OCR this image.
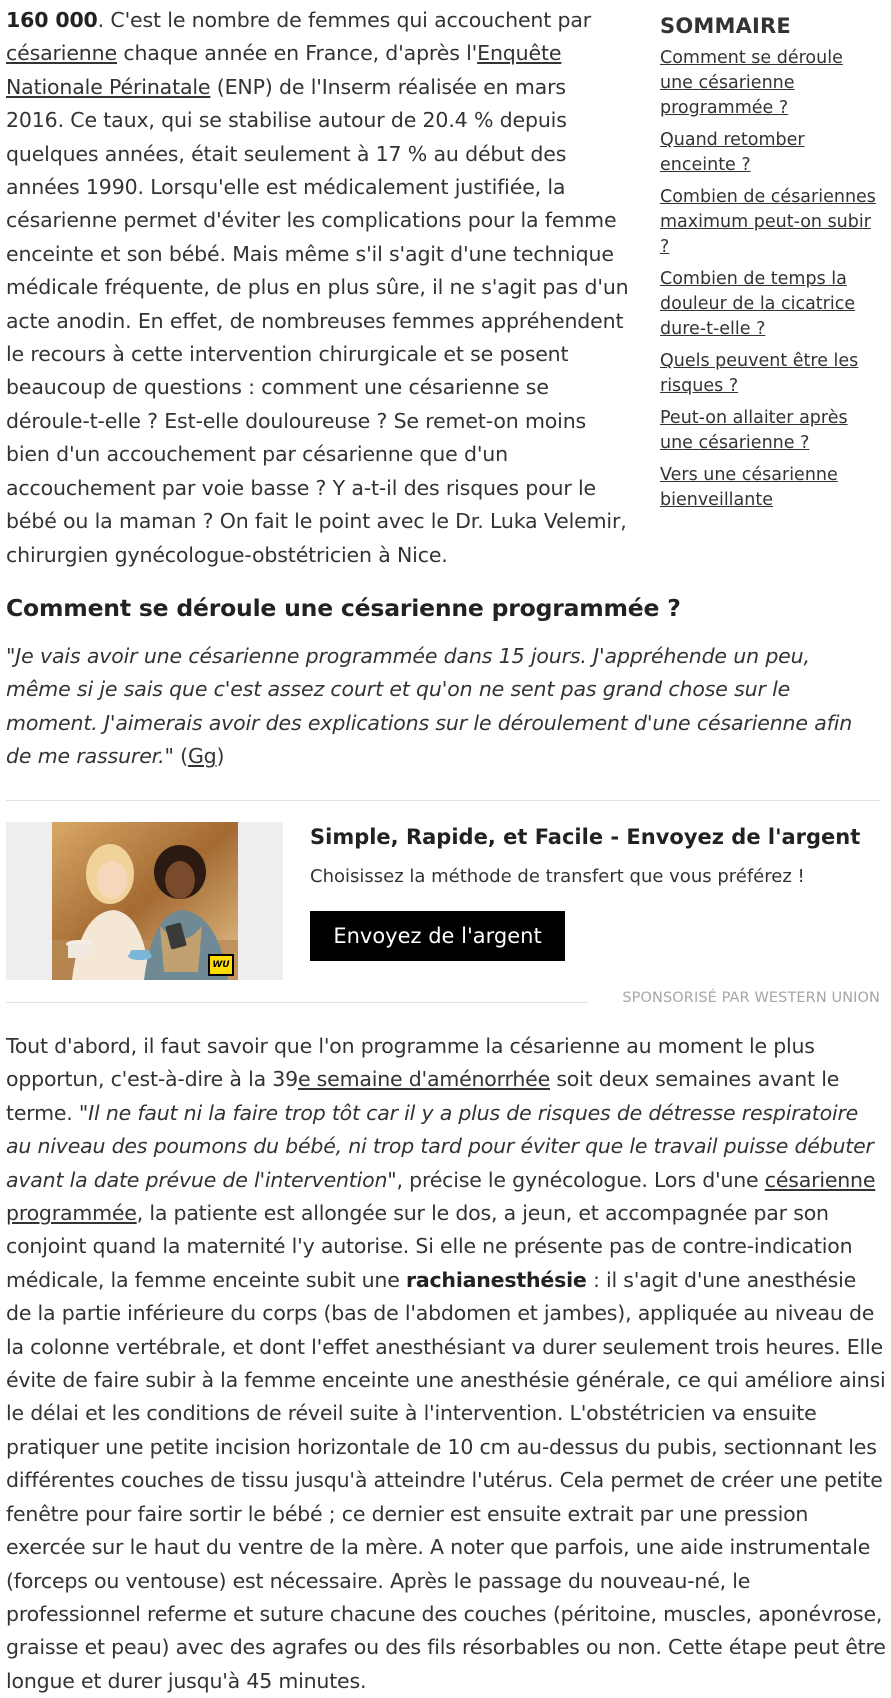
160 000. C'est le nombre de femmes qui accouchent par césarienne chaque année en France, d'après l'Enquête Nationale Périnatale (ENP) de l'Inserm réalisée en mars 2016. Ce taux, qui se stabilise autour de 20.4 % depuis quelques années, était seulement à 17 % au début des années 1990. Lorsqu'elle est médicalement justifiée, la césarienne permet d'éviter les complications pour la femme enceinte et son bébé. Mais même s'il s'agit d'une technique médicale fréquente, de plus en plus sûre, il ne s'agit pas d'un acte anodin. En effet, de nombreuses femmes appréhendent le recours à cette intervention chirurgicale et se posent beaucoup de questions : comment une césarienne se déroule-t-elle ? Est-elle douloureuse ? Se remet-on moins bien d'un accouchement par césarienne que d'un accouchement par voie basse ? Y a-t-il des risques pour le bébé ou la maman ? On fait le point avec le Dr. Luka Velemir, chirurgien gynécologue-obstétricien à Nice.

SOMMAIRE
Comment se déroule une césarienne programmée ?
Quand retomber enceinte ?
Combien de césariennes maximum peut-on subir ?
Combien de temps la douleur de la cicatrice dure-t-elle ?
Quels peuvent être les risques ?
Peut-on allaiter après une césarienne ?
Vers une césarienne bienveillante
Comment se déroule une césarienne programmée ?

"Je vais avoir une césarienne programmée dans 15 jours. J'appréhende un peu, même si je sais que c'est assez court et qu'on ne sent pas grand chose sur le moment. J'aimerais avoir des explications sur le déroulement d'une césarienne afin de me rassurer." (Gg)

WU
Simple, Rapide, et Facile - Envoyez de l'argent

Choisissez la méthode de transfert que vous préférez !

Envoyez de l'argent
SPONSORISÉ PAR WESTERN UNION

Tout d'abord, il faut savoir que l'on programme la césarienne au moment le plus opportun, c'est-à-dire à la 39e semaine d'aménorrhée soit deux semaines avant le terme. "Il ne faut ni la faire trop tôt car il y a plus de risques de détresse respiratoire au niveau des poumons du bébé, ni trop tard pour éviter que le travail puisse débuter avant la date prévue de l'intervention", précise le gynécologue. Lors d'une césarienne programmée, la patiente est allongée sur le dos, a jeun, et accompagnée par son conjoint quand la maternité l'y autorise. Si elle ne présente pas de contre-indication médicale, la femme enceinte subit une rachianesthésie : il s'agit d'une anesthésie de la partie inférieure du corps (bas de l'abdomen et jambes), appliquée au niveau de la colonne vertébrale, et dont l'effet anesthésiant va durer seulement trois heures. Elle évite de faire subir à la femme enceinte une anesthésie générale, ce qui améliore ainsi le délai et les conditions de réveil suite à l'intervention. L'obstétricien va ensuite pratiquer une petite incision horizontale de 10 cm au-dessus du pubis, sectionnant les différentes couches de tissu jusqu'à atteindre l'utérus. Cela permet de créer une petite fenêtre pour faire sortir le bébé ; ce dernier est ensuite extrait par une pression exercée sur le haut du ventre de la mère. A noter que parfois, une aide instrumentale (forceps ou ventouse) est nécessaire. Après le passage du nouveau-né, le professionnel referme et suture chacune des couches (péritoine, muscles, aponévrose, graisse et peau) avec des agrafes ou des fils résorbables ou non. Cette étape peut être longue et durer jusqu'à 45 minutes.
